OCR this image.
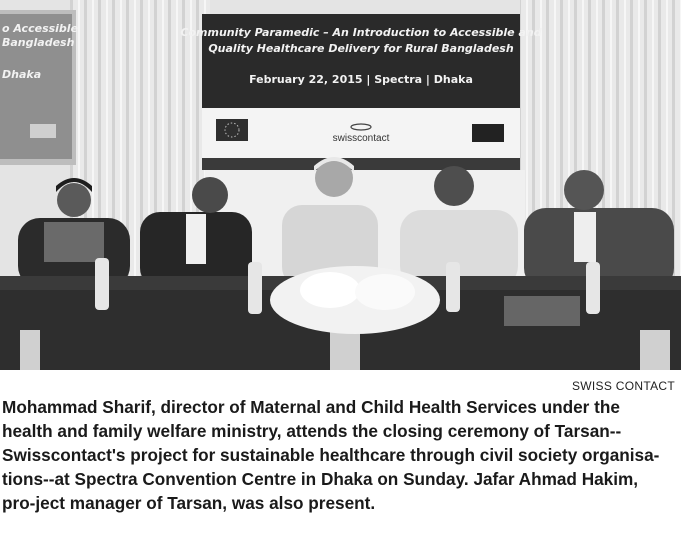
o Accessible
Bangladesh
Dhaka
Community Paramedic – An Introduction to Accessible and
Quality Healthcare Delivery for Rural Bangladesh
February 22, 2015 | Spectra | Dhaka
swisscontact
SWISS CONTACT

Mohammad Sharif, director of Maternal and Child Health Services under the health and family welfare ministry, attends the closing ceremony of Tarsan--Swisscontact's project for sustainable healthcare through civil society organisa-tions--at Spectra Convention Centre in Dhaka on Sunday. Jafar Ahmad Hakim, pro-ject manager of Tarsan, was also present.
